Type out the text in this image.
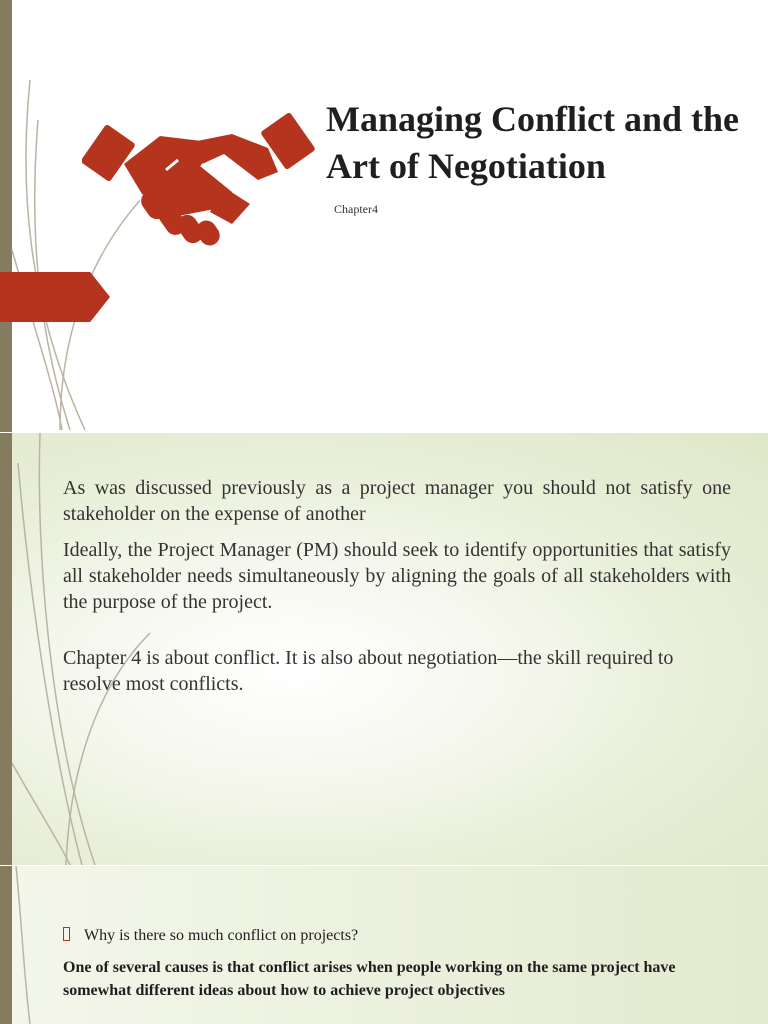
Managing Conflict and the Art of Negotiation
Chapter4

As was discussed previously as a project manager you should not satisfy one stakeholder on the expense of another

Ideally, the Project Manager (PM) should seek to identify opportunities that satisfy all stakeholder needs simultaneously by aligning the goals of all stakeholders with the purpose of the project.

Chapter 4 is about conflict. It is also about negotiation—the skill required to resolve most conflicts.

Why is there so much conflict on projects?
One of several causes is that conflict arises when people working on the same project have somewhat different ideas about how to achieve project objectives
